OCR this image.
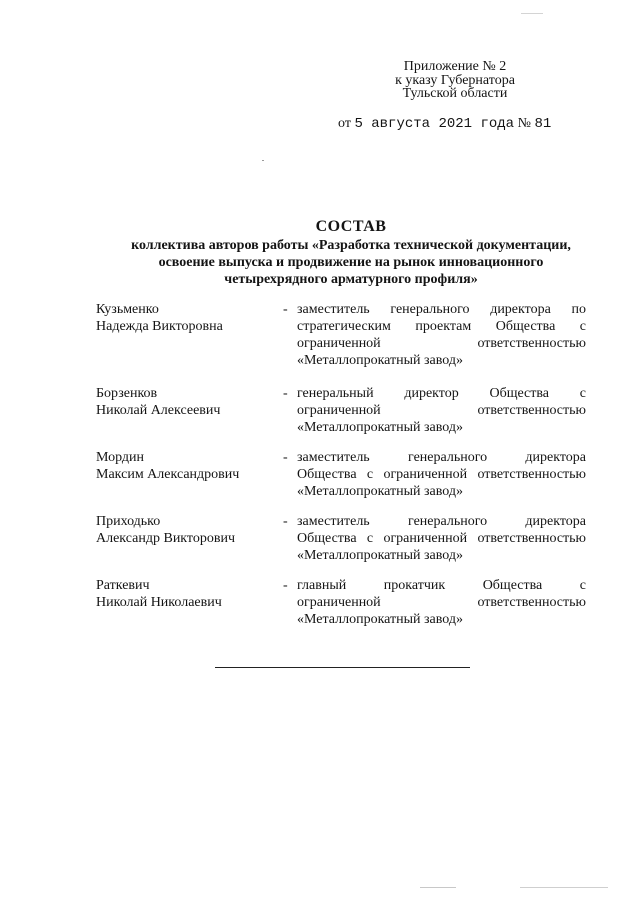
Приложение № 2
к указу Губернатора
Тульской области
от 5 августа 2021 года № 81
СОСТАВ
коллектива авторов работы «Разработка технической документации,
освоение выпуска и продвижение на рынок инновационного
четырехрядного арматурного профиля»
Кузьменко
Надежда Викторовна
- заместитель генерального директора по
стратегическим проектам Общества с
ограниченной ответственностью
«Металлопрокатный завод»
Борзенков
Николай Алексеевич
- генеральный директор Общества с
ограниченной ответственностью
«Металлопрокатный завод»
Мордин
Максим Александрович
- заместитель генерального директора
Общества с ограниченной ответственностью
«Металлопрокатный завод»
Приходько
Александр Викторович
- заместитель генерального директора
Общества с ограниченной ответственностью
«Металлопрокатный завод»
Раткевич
Николай Николаевич
- главный прокатчик Общества с
ограниченной ответственностью
«Металлопрокатный завод»
